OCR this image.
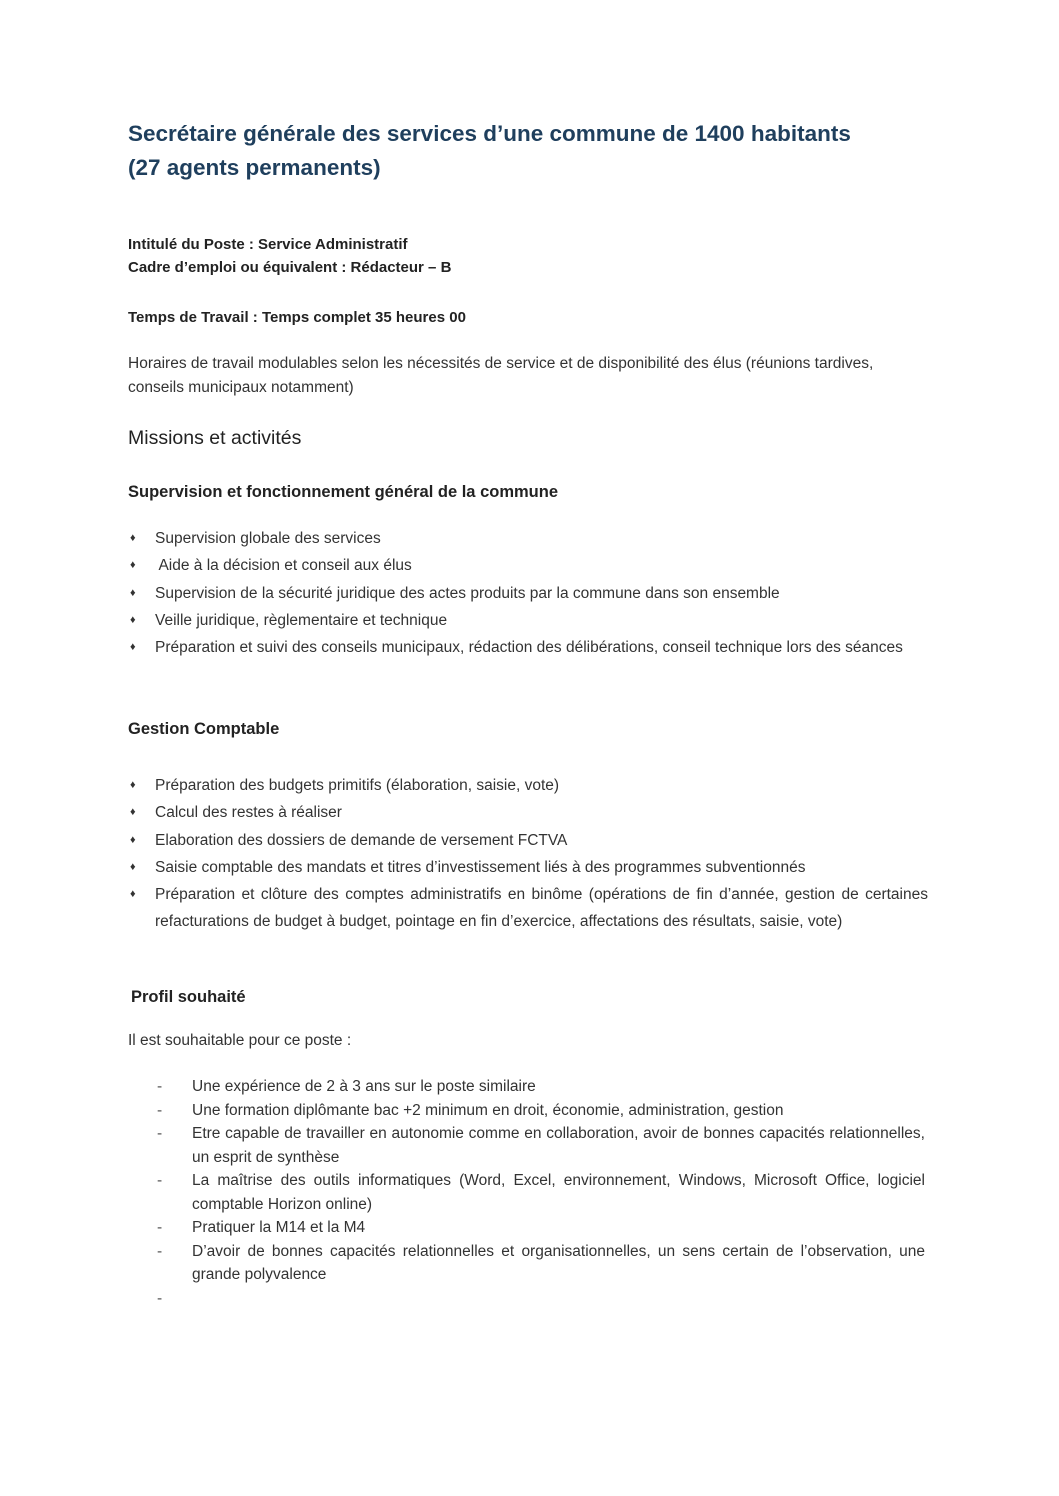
Secrétaire générale des services d’une commune de 1400 habitants
(27 agents permanents)

Intitulé du Poste : Service Administratif
Cadre d’emploi ou équivalent : Rédacteur – B

Temps de Travail : Temps complet 35 heures 00

Horaires de travail modulables selon les nécessités de service et de disponibilité des élus (réunions tardives, conseils municipaux notamment)

Missions et activités
Supervision et fonctionnement général de la commune
♦ Supervision globale des services
♦ Aide à la décision et conseil aux élus
♦ Supervision de la sécurité juridique des actes produits par la commune dans son ensemble
♦ Veille juridique, règlementaire et technique
♦ Préparation et suivi des conseils municipaux, rédaction des délibérations, conseil technique lors des séances
Gestion Comptable
♦ Préparation des budgets primitifs (élaboration, saisie, vote)
♦ Calcul des restes à réaliser
♦ Elaboration des dossiers de demande de versement FCTVA
♦ Saisie comptable des mandats et titres d’investissement liés à des programmes subventionnés
♦ Préparation et clôture des comptes administratifs en binôme (opérations de fin d’année, gestion de certaines refacturations de budget à budget, pointage en fin d’exercice, affectations des résultats, saisie, vote)
Profil souhaité

Il est souhaitable pour ce poste :

- Une expérience de 2 à 3 ans sur le poste similaire
- Une formation diplômante bac +2 minimum en droit, économie, administration, gestion
- Etre capable de travailler en autonomie comme en collaboration, avoir de bonnes capacités relationnelles, un esprit de synthèse
- La maîtrise des outils informatiques (Word, Excel, environnement, Windows, Microsoft Office, logiciel comptable Horizon online)
- Pratiquer la M14 et la M4
- D’avoir de bonnes capacités relationnelles et organisationnelles, un sens certain de l’observation, une grande polyvalence
-
